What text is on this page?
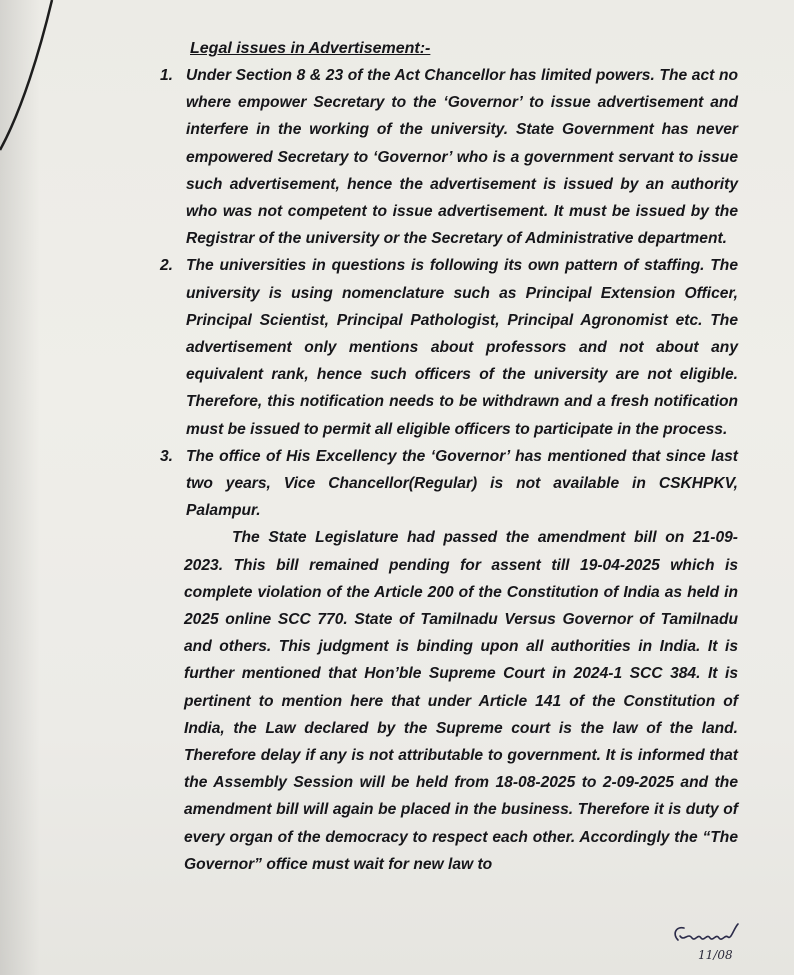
Legal issues in Advertisement:-

1. Under Section 8 & 23 of the Act Chancellor has limited powers. The act no where empower Secretary to the ‘Governor’ to issue advertisement and interfere in the working of the university. State Government has never empowered Secretary to ‘Governor’ who is a government servant to issue such advertisement, hence the advertisement is issued by an authority who was not competent to issue advertisement. It must be issued by the Registrar of the university or the Secretary of Administrative department.

2. The universities in questions is following its own pattern of staffing. The university is using nomenclature such as Principal Extension Officer, Principal Scientist, Principal Pathologist, Principal Agronomist etc. The advertisement only mentions about professors and not about any equivalent rank, hence such officers of the university are not eligible. Therefore, this notification needs to be withdrawn and a fresh notification must be issued to permit all eligible officers to participate in the process.

3. The office of His Excellency the ‘Governor’ has mentioned that since last two years, Vice Chancellor(Regular) is not available in CSKHPKV, Palampur.

The State Legislature had passed the amendment bill on 21-09-2023. This bill remained pending for assent till 19-04-2025 which is complete violation of the Article 200 of the Constitution of India as held in 2025 online SCC 770. State of Tamilnadu Versus Governor of Tamilnadu and others. This judgment is binding upon all authorities in India. It is further mentioned that Hon’ble Supreme Court in 2024-1 SCC 384. It is pertinent to mention here that under Article 141 of the Constitution of India, the Law declared by the Supreme court is the law of the land. Therefore delay if any is not attributable to government. It is informed that the Assembly Session will be held from 18-08-2025 to 2-09-2025 and the amendment bill will again be placed in the business. Therefore it is duty of every organ of the democracy to respect each other. Accordingly the “The Governor” office must wait for new law to

11/08
